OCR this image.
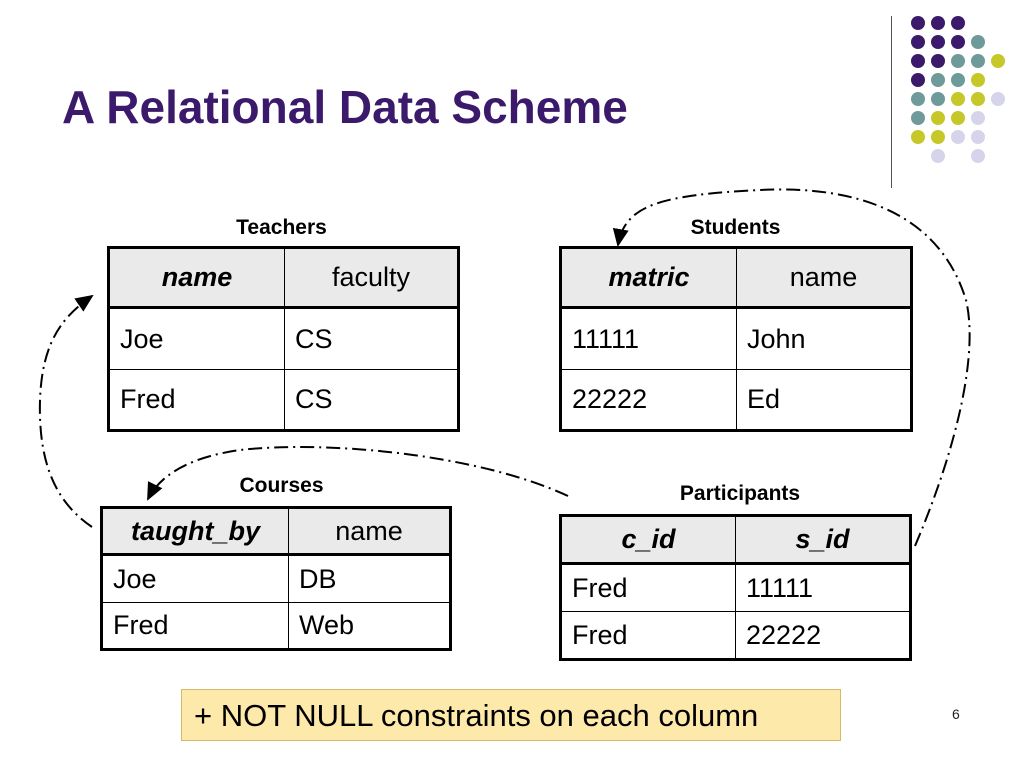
A Relational Data Scheme
Teachers
name	faculty
Joe	CS
Fred	CS
Students
matric	name
11111	John
22222	Ed
Courses
taught_by	name
Joe	DB
Fred	Web
Participants
c_id	s_id
Fred	11111
Fred	22222
+ NOT NULL constraints on each column	6
